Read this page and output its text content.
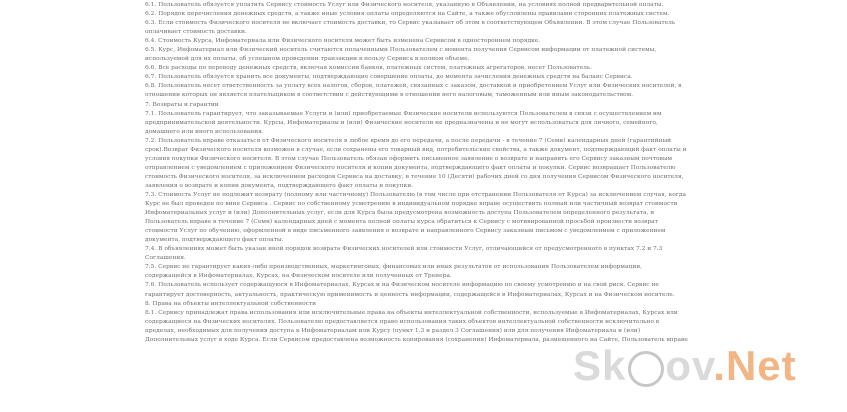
6.1. Пользователь обязуется уплатить Сервису стоимость Услуг или Физического носителя, указанную в Объявлении, на условиях полной предварительной оплаты.

6.2. Порядок перечисления денежных средств, а также иные условия оплаты определяются на Сайте, а также обусловлены правилами сторонних платежных систем.

6.3. Если стоимость Физического носителя не включает стоимость доставки, то Сервис указывает об этом в соответствующем Объявлении. В этом случае Пользователь

оплачивает стоимость доставки.

6.4. Стоимость Курса, Инфоматериала или Физического носителя может быть изменена Сервисом в одностороннем порядке.

6.5. Курс, Инфоматериал или Физический носитель считаются оплаченными Пользователем с момента получения Сервисом информации от платежной системы,

используемой для их оплаты, об успешном проведении транзакции в пользу Сервиса в полном объеме.

6.6. Все расходы по переводу денежных средств, включая комиссии банков, платежных систем, платежных агрегаторов, несет Пользователь.

6.7. Пользователь обязуется хранить все документы, подтверждающие совершение оплаты, до момента зачисления денежных средств на баланс Сервиса.

6.8. Пользователь несет ответственность за уплату всех налогов, сборов, платежей, связанных с заказом, доставкой и приобретением Услуг или Физических носителей, в

отношении которых он является плательщиком в соответствии с действующими в отношении него налоговым, таможенным или иным законодательством.

7. Возвраты и гарантии

7.1. Пользователь гарантирует, что заказываемые Услуги и (или) приобретаемые Физические носители используются Пользователем в связи с осуществлением им

предпринимательской деятельности. Курсы, Инфоматериалы и (или) Физические носители не предназначены и не могут использоваться для личного, семейного,

домашнего или иного использования.

7.2. Пользователь вправе отказаться от Физического носителя в любое время до его передачи, а после передачи - в течение 7 (Семи) календарных дней (гарантийный

срок).Возврат Физического носителя возможен в случае, если сохранены его товарный вид, потребительские свойства, а также документ, подтверждающий факт оплаты и

условия покупки Физического носителя. В этом случае Пользователь обязан оформить письменное заявление о возврате и направить его Сервису заказным почтовым

отправлением с уведомлением с приложением Физического носителя и копии документа, подтверждающего факт оплаты и покупки. Сервис возвращает Пользователю

стоимость Физического носителя, за исключением расходов Сервиса на доставку, в течение 10 (Десяти) рабочих дней со дня получения Сервисом Физического носителя,

заявления о возврате и копии документа, подтверждающего факт оплаты и покупки.

7.3. Стоимость Услуг не подлежит возврату (полному или частичному) Пользователю (в том числе при отстранении Пользователя от Курса) за исключением случая, когда

Курс не был проведен по вине Сервиса . Сервис по собственному усмотрению в индивидуальном порядке вправе осуществить полный или частичный возврат стоимости

Инфоматериальных услуг и (или) Дополнительных услуг, если для Курса была предусмотрена возможность доступа Пользователем определенного результата, и

Пользователь вправе в течение 7 (Семи) календарных дней с момента полной оплаты курса обратиться к Сервису с мотивированной просьбой произвести возврат

стоимости Услуг по обучению, оформленной в виде письменного заявления о возврате и направленного Сервису заказным письмом с уведомлением с приложением

документа, подтверждающего факт оплаты.

7.4. В объявлениях может быть указан иной порядок возврата Физических носителей или стоимости Услуг, отличающийся от предусмотренного в пунктах 7.2 и 7.3

Соглашения.

7.5. Сервис не гарантирует каких-либо производственных, маркетинговых, финансовых или иных результатов от использования Пользователем информации,

содержащейся в Инфоматериалах, Курсах, на Физическом носителе или полученных от Тренера.

7.6. Пользователь использует содержащуюся в Инфоматериалах, Курсах и на Физическом носителе информацию по своему усмотрению и на свой риск. Сервис не

гарантирует достоверность, актуальность, практическую применимость и ценность информации, содержащейся в Инфоматериалах, Курсах и на Физическом носителе.

8. Права на объекты интеллектуальной собственности

8.1. Сервису принадлежат права использования или исключительные права на объекты интеллектуальной собственности, используемые в Инфоматериалах, Курсах или

содержащиеся на Физических носителях. Пользователю предоставляется право использования таких объектов интеллектуальной собственности исключительно в

пределах, необходимых для получения доступа к Инфоматериалам или Курсу (пункт 1.3 и раздел 3 Соглашения) или для получения Инфоматериала и (или)

Дополнительных услуг в ходе Курса. Если Сервисом предоставлена возможность копирования (сохранения) Инфоматериала, размещенного на Сайте, Пользователь вправе

Sk ov.Net
